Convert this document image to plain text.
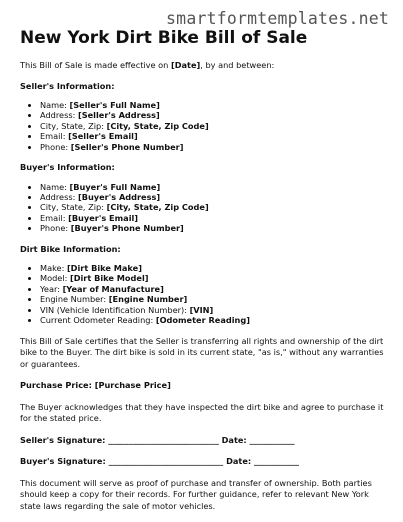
smartformtemplates.net
New York Dirt Bike Bill of Sale

This Bill of Sale is made effective on [Date], by and between:

Seller's Information:

• Name: [Seller's Full Name]
• Address: [Seller's Address]
• City, State, Zip: [City, State, Zip Code]
• Email: [Seller's Email]
• Phone: [Seller's Phone Number]

Buyer's Information:

• Name: [Buyer's Full Name]
• Address: [Buyer's Address]
• City, State, Zip: [City, State, Zip Code]
• Email: [Buyer's Email]
• Phone: [Buyer's Phone Number]

Dirt Bike Information:

• Make: [Dirt Bike Make]
• Model: [Dirt Bike Model]
• Year: [Year of Manufacture]
• Engine Number: [Engine Number]
• VIN (Vehicle Identification Number): [VIN]
• Current Odometer Reading: [Odometer Reading]

This Bill of Sale certifies that the Seller is transferring all rights and ownership of the dirt bike to the Buyer. The dirt bike is sold in its current state, "as is," without any warranties or guarantees.

Purchase Price: [Purchase Price]

The Buyer acknowledges that they have inspected the dirt bike and agree to purchase it for the stated price.

Seller's Signature: ___________________________ Date: ___________

Buyer's Signature: ____________________________ Date: ___________

This document will serve as proof of purchase and transfer of ownership. Both parties should keep a copy for their records. For further guidance, refer to relevant New York state laws regarding the sale of motor vehicles.
